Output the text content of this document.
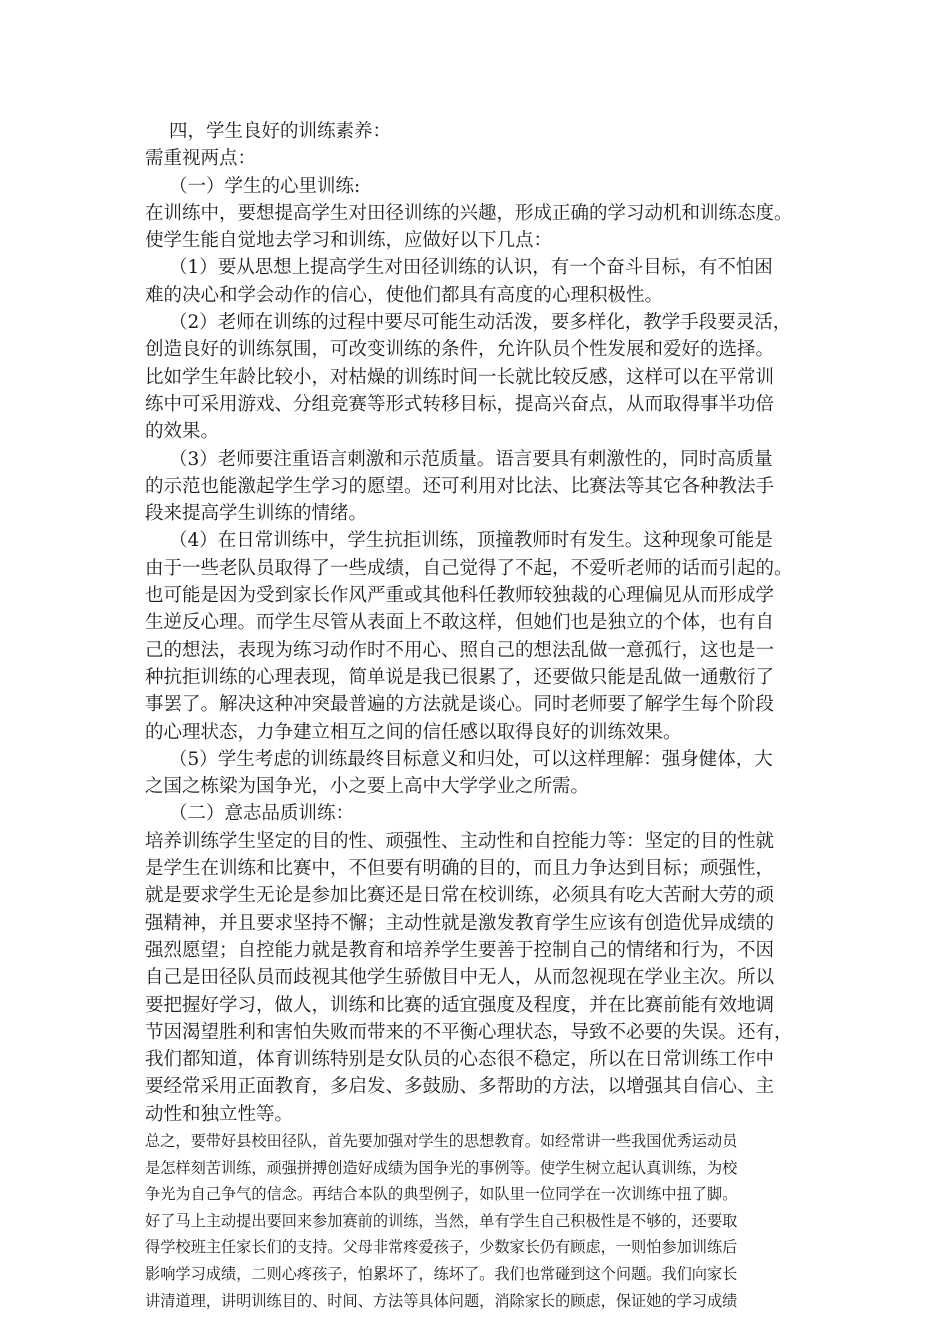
四，学生良好的训练素养：
需重视两点：
（一）学生的心里训练:
在训练中，要想提高学生对田径训练的兴趣，形成正确的学习动机和训练态度。
使学生能自觉地去学习和训练，应做好以下几点：
（1）要从思想上提高学生对田径训练的认识，有一个奋斗目标，有不怕困
难的决心和学会动作的信心，使他们都具有高度的心理积极性。
（2）老师在训练的过程中要尽可能生动活泼，要多样化，教学手段要灵活，
创造良好的训练氛围，可改变训练的条件，允许队员个性发展和爱好的选择。
比如学生年龄比较小，对枯燥的训练时间一长就比较反感，这样可以在平常训
练中可采用游戏、分组竞赛等形式转移目标，提高兴奋点，从而取得事半功倍
的效果。
（3）老师要注重语言刺激和示范质量。语言要具有刺激性的，同时高质量
的示范也能激起学生学习的愿望。还可利用对比法、比赛法等其它各种教法手
段来提高学生训练的情绪。
（4）在日常训练中，学生抗拒训练，顶撞教师时有发生。这种现象可能是
由于一些老队员取得了一些成绩，自己觉得了不起，不爱听老师的话而引起的。
也可能是因为受到家长作风严重或其他科任教师较独裁的心理偏见从而形成学
生逆反心理。而学生尽管从表面上不敢这样，但她们也是独立的个体，也有自
己的想法，表现为练习动作时不用心、照自己的想法乱做一意孤行，这也是一
种抗拒训练的心理表现，简单说是我已很累了，还要做只能是乱做一通敷衍了
事罢了。解决这种冲突最普遍的方法就是谈心。同时老师要了解学生每个阶段
的心理状态，力争建立相互之间的信任感以取得良好的训练效果。
（5）学生考虑的训练最终目标意义和归处，可以这样理解：强身健体，大
之国之栋梁为国争光，小之要上高中大学学业之所需。
（二）意志品质训练：
培养训练学生坚定的目的性、顽强性、主动性和自控能力等：坚定的目的性就
是学生在训练和比赛中，不但要有明确的目的，而且力争达到目标；顽强性，
就是要求学生无论是参加比赛还是日常在校训练，必须具有吃大苦耐大劳的顽
强精神，并且要求坚持不懈；主动性就是激发教育学生应该有创造优异成绩的
强烈愿望；自控能力就是教育和培养学生要善于控制自己的情绪和行为，不因
自己是田径队员而歧视其他学生骄傲目中无人，从而忽视现在学业主次。所以
要把握好学习，做人，训练和比赛的适宜强度及程度，并在比赛前能有效地调
节因渴望胜利和害怕失败而带来的不平衡心理状态，导致不必要的失误。还有，
我们都知道，体育训练特别是女队员的心态很不稳定，所以在日常训练工作中
要经常采用正面教育，多启发、多鼓励、多帮助的方法，以增强其自信心、主
动性和独立性等。
总之，要带好县校田径队，首先要加强对学生的思想教育。如经常讲一些我国优秀运动员
是怎样刻苦训练，顽强拼搏创造好成绩为国争光的事例等。使学生树立起认真训练，为校
争光为自己争气的信念。再结合本队的典型例子，如队里一位同学在一次训练中扭了脚。
好了马上主动提出要回来参加赛前的训练，当然，单有学生自己积极性是不够的，还要取
得学校班主任家长们的支持。父母非常疼爱孩子，少数家长仍有顾虑，一则怕参加训练后
影响学习成绩，二则心疼孩子，怕累坏了，练坏了。我们也常碰到这个问题。我们向家长
讲清道理，讲明训练目的、时间、方法等具体问题，消除家长的顾虑，保证她的学习成绩
